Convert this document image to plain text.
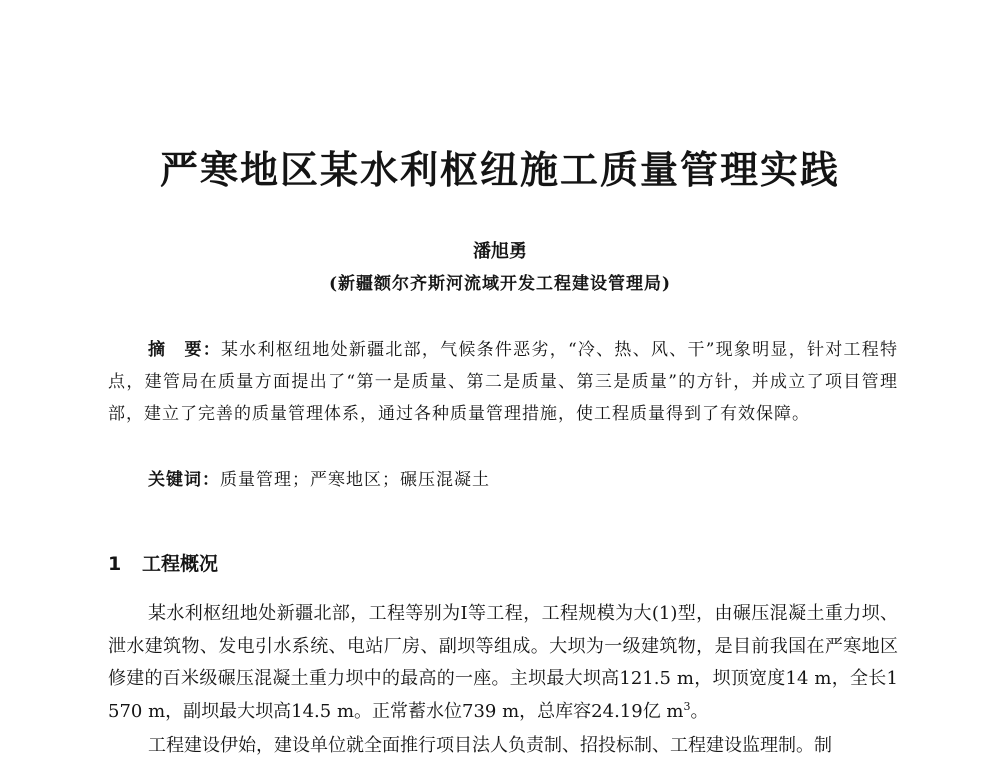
严寒地区某水利枢纽施工质量管理实践
潘旭勇
(新疆额尔齐斯河流域开发工程建设管理局)
摘　要：某水利枢纽地处新疆北部，气候条件恶劣，“冷、热、风、干”现象明显，针对工程特点，建管局在质量方面提出了“第一是质量、第二是质量、第三是质量”的方针，并成立了项目管理部，建立了完善的质量管理体系，通过各种质量管理措施，使工程质量得到了有效保障。
关键词：质量管理；严寒地区；碾压混凝土
1 工程概况

某水利枢纽地处新疆北部，工程等别为Ⅰ等工程，工程规模为大(1)型，由碾压混凝土重力坝、泄水建筑物、发电引水系统、电站厂房、副坝等组成。大坝为一级建筑物，是目前我国在严寒地区修建的百米级碾压混凝土重力坝中的最高的一座。主坝最大坝高121.5 m，坝顶宽度14 m，全长1 570 m，副坝最大坝高14.5 m。正常蓄水位739 m，总库容24.19亿 $m^3$。

工程建设伊始，建设单位就全面推行项目法人负责制、招投标制、工程建设监理制。制
